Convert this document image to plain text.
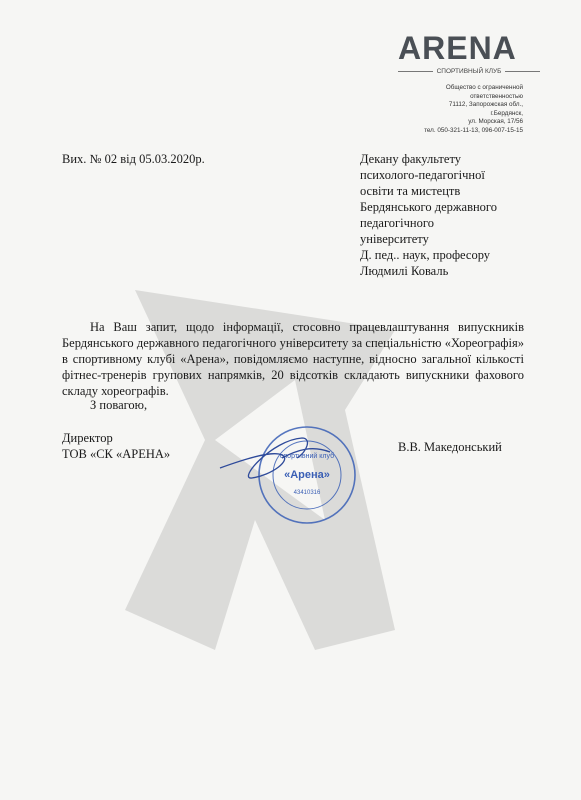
ARENA
СПОРТИВНЫЙ КЛУБ
Общество с ограниченной
ответственностью
71112, Запорожская обл.,
г.Бердянск,
ул. Морская, 17/56
тел. 050-321-11-13, 096-007-15-15
Вих. № 02 від 05.03.2020р.	Декану факультету
психолого-педагогічної
освіти та мистецтв
Бердянського державного
педагогічного
університету
Д. пед.. наук, професору
Людмилі Коваль
На Ваш запит, щодо інформації, стосовно працевлаштування випускників Бердянського державного педагогічного університету за спеціальністю «Хореографія» в спортивному клубі «Арена», повідомляємо наступне, відносно загальної кількості фітнес-тренерів групових напрямків, 20 відсотків складають випускники фахового складу хореографів.
З повагою,
Директор
ТОВ «СК «АРЕНА»	В.В. Македонський
спортивний клуб
«Арена»
43410316
